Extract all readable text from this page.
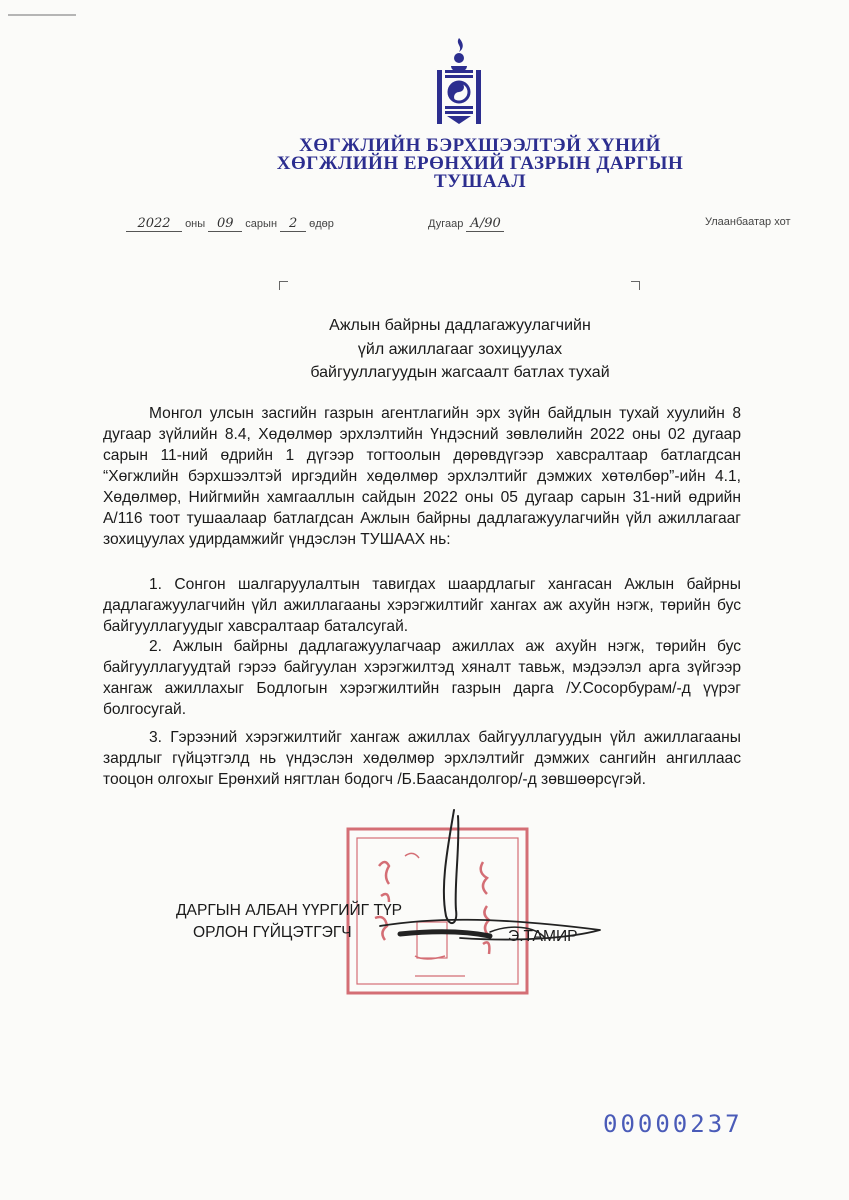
ХӨГЖЛИЙН БЭРХШЭЭЛТЭЙ ХҮНИЙ
ХӨГЖЛИЙН ЕРӨНХИЙ ГАЗРЫН ДАРГЫН
ТУШААЛ
2022 оны 09 сарын 2 өдөр	Дугаар А/90	Улаанбаатар хот
Ажлын байрны дадлагажуулагчийн
үйл ажиллагааг зохицуулах
байгууллагуудын жагсаалт батлах тухай
Монгол улсын засгийн газрын агентлагийн эрх зүйн байдлын тухай хуулийн 8 дугаар зүйлийн 8.4, Хөдөлмөр эрхлэлтийн Үндэсний зөвлөлийн 2022 оны 02 дугаар сарын 11-ний өдрийн 1 дүгээр тогтоолын дөрөвдүгээр хавсралтаар батлагдсан “Хөгжлийн бэрхшээлтэй иргэдийн хөдөлмөр эрхлэлтийг дэмжих хөтөлбөр”-ийн 4.1, Хөдөлмөр, Нийгмийн хамгааллын сайдын 2022 оны 05 дугаар сарын 31-ний өдрийн А/116 тоот тушаалаар батлагдсан Ажлын байрны дадлагажуулагчийн үйл ажиллагааг зохицуулах удирдамжийг үндэслэн ТУШААХ нь:
1. Сонгон шалгаруулалтын тавигдах шаардлагыг хангасан Ажлын байрны дадлагажуулагчийн үйл ажиллагааны хэрэгжилтийг хангах аж ахуйн нэгж, төрийн бус байгууллагуудыг хавсралтаар баталсугай.
2. Ажлын байрны дадлагажуулагчаар ажиллах аж ахуйн нэгж, төрийн бус байгууллагуудтай гэрээ байгуулан хэрэгжилтэд хяналт тавьж, мэдээлэл арга зүйгээр хангаж ажиллахыг Бодлогын хэрэгжилтийн газрын дарга /У.Сосорбурам/-д үүрэг болгосугай.
3. Гэрээний хэрэгжилтийг хангаж ажиллах байгууллагуудын үйл ажиллагааны зардлыг гүйцэтгэлд нь үндэслэн хөдөлмөр эрхлэлтийг дэмжих сангийн ангиллаас тооцон олгохыг Ерөнхий нягтлан бодогч /Б.Баасандолгор/-д зөвшөөрсүгэй.
ДАРГЫН АЛБАН ҮҮРГИЙГ ТҮР
ОРЛОН ГҮЙЦЭТГЭГЧ	Э.ТАМИР
00000237
